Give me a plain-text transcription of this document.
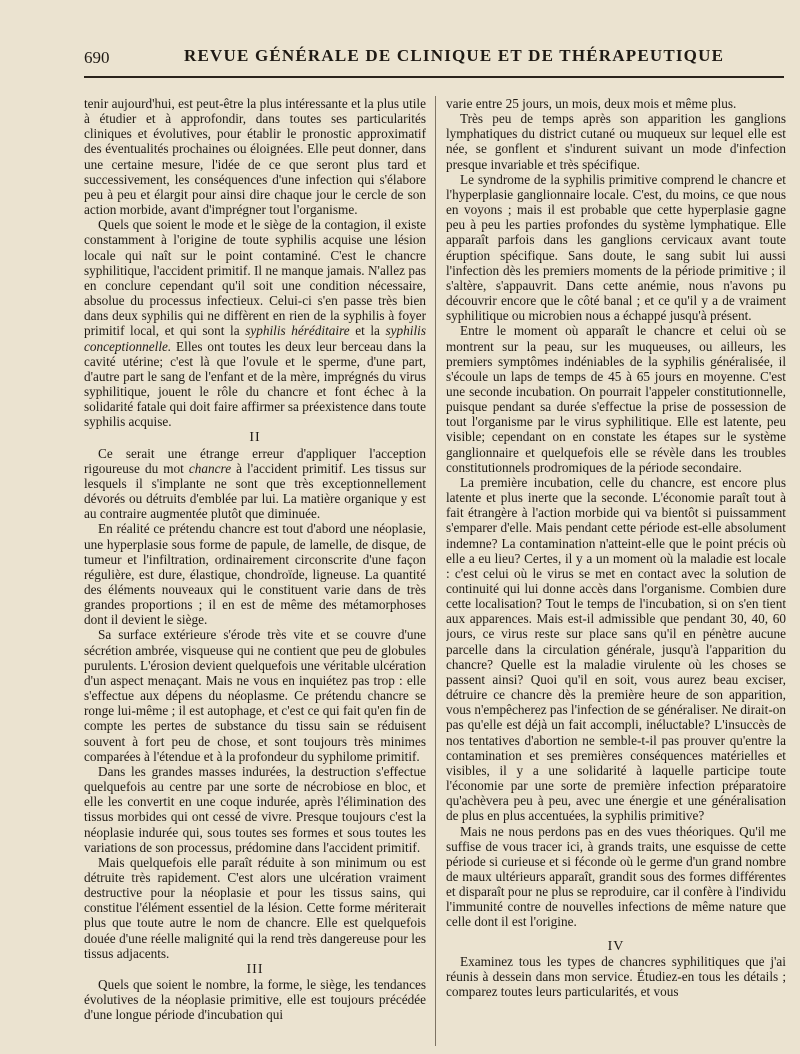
690	REVUE GÉNÉRALE DE CLINIQUE ET DE THÉRAPEUTIQUE

tenir aujourd'hui, est peut-être la plus intéressante et la plus utile à étudier et à approfondir, dans toutes ses particularités cliniques et évolutives, pour établir le pronostic approximatif des éventualités prochaines ou éloignées. Elle peut donner, dans une certaine mesure, l'idée de ce que seront plus tard et successivement, les conséquences d'une infection qui s'élabore peu à peu et élargit pour ainsi dire chaque jour le cercle de son action morbide, avant d'imprégner tout l'organisme.

Quels que soient le mode et le siège de la contagion, il existe constamment à l'origine de toute syphilis acquise une lésion locale qui naît sur le point contaminé. C'est le chancre syphilitique, l'accident primitif. Il ne manque jamais. N'allez pas en conclure cependant qu'il soit une condition nécessaire, absolue du processus infectieux. Celui-ci s'en passe très bien dans deux syphilis qui ne diffèrent en rien de la syphilis à foyer primitif local, et qui sont la syphilis héréditaire et la syphilis conceptionnelle. Elles ont toutes les deux leur berceau dans la cavité utérine; c'est là que l'ovule et le sperme, d'une part, d'autre part le sang de l'enfant et de la mère, imprégnés du virus syphilitique, jouent le rôle du chancre et font échec à la solidarité fatale qui doit faire affirmer sa préexistence dans toute syphilis acquise.

II

Ce serait une étrange erreur d'appliquer l'acception rigoureuse du mot chancre à l'accident primitif. Les tissus sur lesquels il s'implante ne sont que très exceptionnellement dévorés ou détruits d'emblée par lui. La matière organique y est au contraire augmentée plutôt que diminuée.

En réalité ce prétendu chancre est tout d'abord une néoplasie, une hyperplasie sous forme de papule, de lamelle, de disque, de tumeur et l'infiltration, ordinairement circonscrite d'une façon régulière, est dure, élastique, chondroïde, ligneuse. La quantité des éléments nouveaux qui le constituent varie dans de très grandes proportions ; il en est de même des métamorphoses dont il devient le siège.

Sa surface extérieure s'érode très vite et se couvre d'une sécrétion ambrée, visqueuse qui ne contient que peu de globules purulents. L'érosion devient quelquefois une véritable ulcération d'un aspect menaçant. Mais ne vous en inquiétez pas trop : elle s'effectue aux dépens du néoplasme. Ce prétendu chancre se ronge lui-même ; il est autophage, et c'est ce qui fait qu'en fin de compte les pertes de substance du tissu sain se réduisent souvent à fort peu de chose, et sont toujours très minimes comparées à l'étendue et à la profondeur du syphilome primitif.

Dans les grandes masses indurées, la destruction s'effectue quelquefois au centre par une sorte de nécrobiose en bloc, et elle les convertit en une coque indurée, après l'élimination des tissus morbides qui ont cessé de vivre. Presque toujours c'est la néoplasie indurée qui, sous toutes ses formes et sous toutes les variations de son processus, prédomine dans l'accident primitif.

Mais quelquefois elle paraît réduite à son minimum ou est détruite très rapidement. C'est alors une ulcération vraiment destructive pour la néoplasie et pour les tissus sains, qui constitue l'élément essentiel de la lésion. Cette forme mériterait plus que toute autre le nom de chancre. Elle est quelquefois douée d'une réelle malignité qui la rend très dangereuse pour les tissus adjacents.

III

Quels que soient le nombre, la forme, le siège, les tendances évolutives de la néoplasie primitive, elle est toujours précédée d'une longue période d'incubation qui

varie entre 25 jours, un mois, deux mois et même plus.

Très peu de temps après son apparition les ganglions lymphatiques du district cutané ou muqueux sur lequel elle est née, se gonflent et s'indurent suivant un mode d'infection presque invariable et très spécifique.

Le syndrome de la syphilis primitive comprend le chancre et l'hyperplasie ganglionnaire locale. C'est, du moins, ce que nous en voyons ; mais il est probable que cette hyperplasie gagne peu à peu les parties profondes du système lymphatique. Elle apparaît parfois dans les ganglions cervicaux avant toute éruption spécifique. Sans doute, le sang subit lui aussi l'infection dès les premiers moments de la période primitive ; il s'altère, s'appauvrit. Dans cette anémie, nous n'avons pu découvrir encore que le côté banal ; et ce qu'il y a de vraiment syphilitique ou microbien nous a échappé jusqu'à présent.

Entre le moment où apparaît le chancre et celui où se montrent sur la peau, sur les muqueuses, ou ailleurs, les premiers symptômes indéniables de la syphilis généralisée, il s'écoule un laps de temps de 45 à 65 jours en moyenne. C'est une seconde incubation. On pourrait l'appeler constitutionnelle, puisque pendant sa durée s'effectue la prise de possession de tout l'organisme par le virus syphilitique. Elle est latente, peu visible; cependant on en constate les étapes sur le système ganglionnaire et quelquefois elle se révèle dans les troubles constitutionnels prodromiques de la période secondaire.

La première incubation, celle du chancre, est encore plus latente et plus inerte que la seconde. L'économie paraît tout à fait étrangère à l'action morbide qui va bientôt si puissamment s'emparer d'elle. Mais pendant cette période est-elle absolument indemne? La contamination n'atteint-elle que le point précis où elle a eu lieu? Certes, il y a un moment où la maladie est locale : c'est celui où le virus se met en contact avec la solution de continuité qui lui donne accès dans l'organisme. Combien dure cette localisation? Tout le temps de l'incubation, si on s'en tient aux apparences. Mais est-il admissible que pendant 30, 40, 60 jours, ce virus reste sur place sans qu'il en pénètre aucune parcelle dans la circulation générale, jusqu'à l'apparition du chancre? Quelle est la maladie virulente où les choses se passent ainsi? Quoi qu'il en soit, vous aurez beau exciser, détruire ce chancre dès la première heure de son apparition, vous n'empêcherez pas l'infection de se généraliser. Ne dirait-on pas qu'elle est déjà un fait accompli, inéluctable? L'insuccès de nos tentatives d'abortion ne semble-t-il pas prouver qu'entre la contamination et ses premières conséquences matérielles et visibles, il y a une solidarité à laquelle participe toute l'économie par une sorte de première infection préparatoire qu'achèvera peu à peu, avec une énergie et une généralisation de plus en plus accentuées, la syphilis primitive?

Mais ne nous perdons pas en des vues théoriques. Qu'il me suffise de vous tracer ici, à grands traits, une esquisse de cette période si curieuse et si féconde où le germe d'un grand nombre de maux ultérieurs apparaît, grandit sous des formes différentes et disparaît pour ne plus se reproduire, car il confère à l'individu l'immunité contre de nouvelles infections de même nature que celle dont il est l'origine.

IV

Examinez tous les types de chancres syphilitiques que j'ai réunis à dessein dans mon service. Étudiez-en tous les détails ; comparez toutes leurs particularités, et vous
